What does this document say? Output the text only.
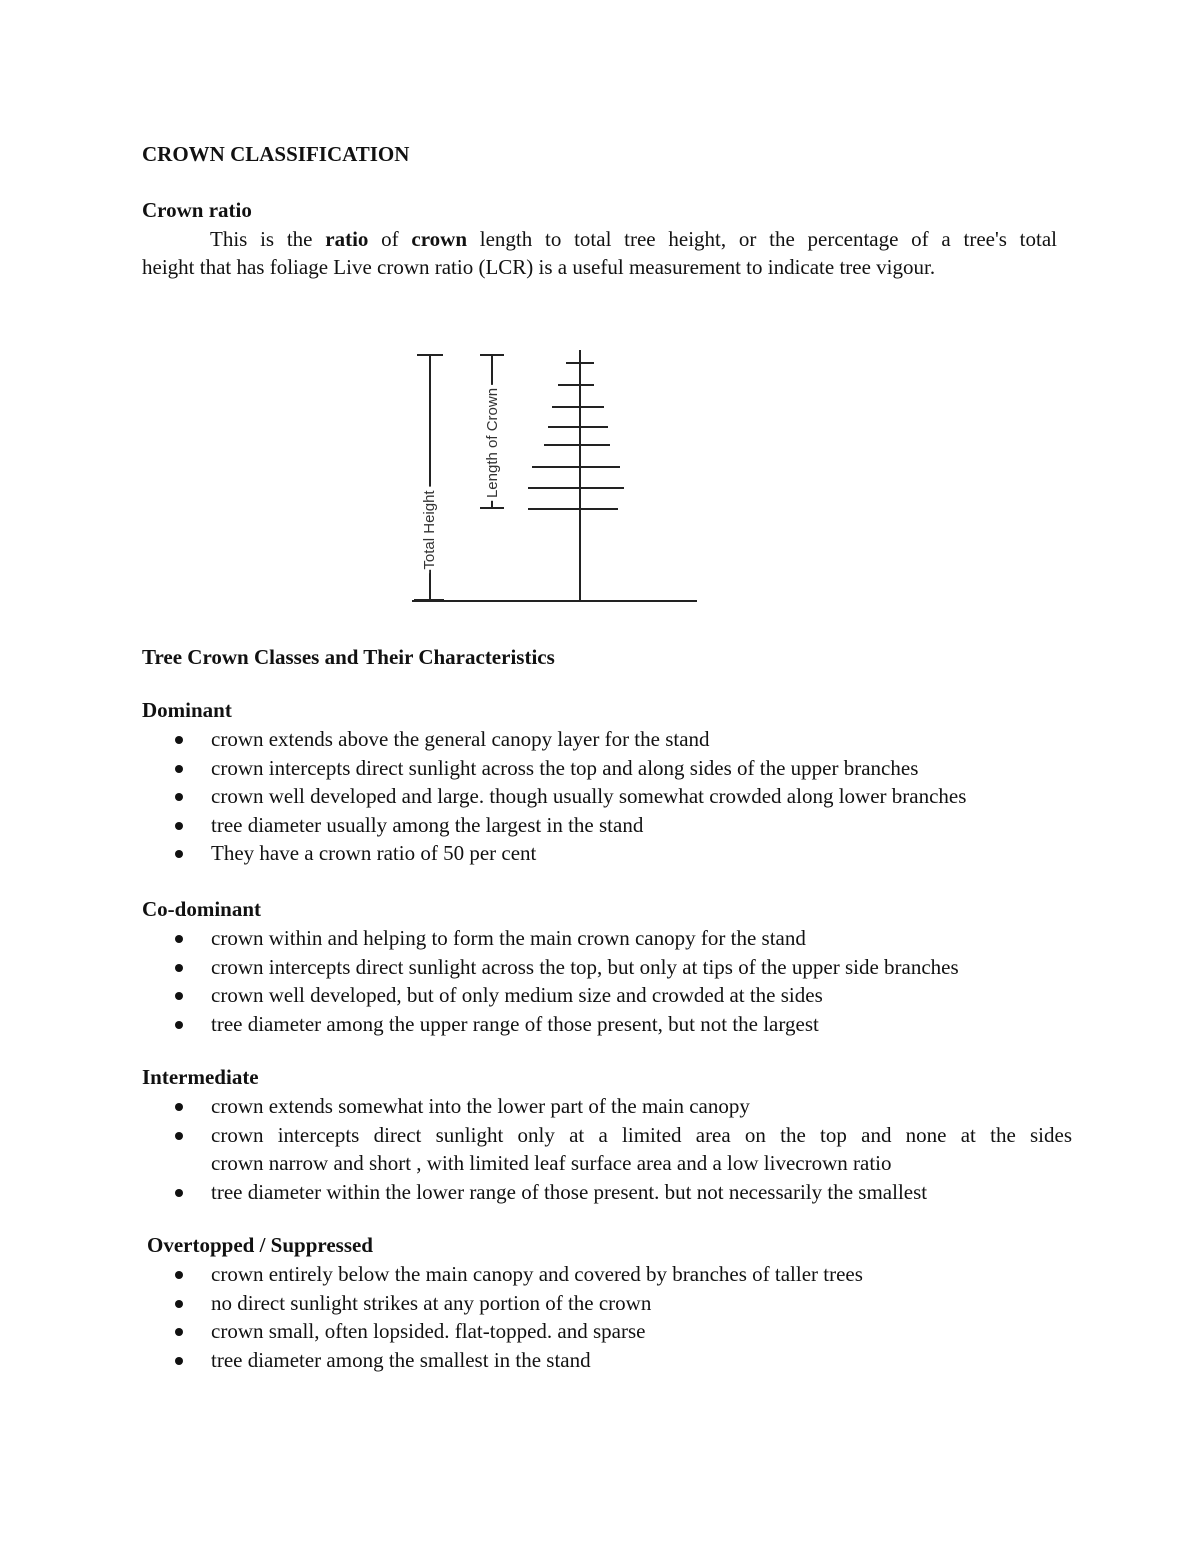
CROWN CLASSIFICATION
Crown ratio

This is the ratio of crown length to total tree height, or the percentage of a tree's total
height that has foliage Live crown ratio (LCR) is a useful measurement to indicate tree vigour.

Total Height
Length of Crown
Tree Crown Classes and Their Characteristics
Dominant
crown extends above the general canopy layer for the stand
crown intercepts direct sunlight across the top and along sides of the upper branches
crown well developed and large. though usually somewhat crowded along lower branches
tree diameter usually among the largest in the stand
They have a crown ratio of 50 per cent
Co-dominant
crown within and helping to form the main crown canopy for the stand
crown intercepts direct sunlight across the top, but only at tips of the upper side branches
crown well developed, but of only medium size and crowded at the sides
tree diameter among the upper range of those present, but not the largest
Intermediate
crown extends somewhat into the lower part of the main canopy
crown intercepts direct sunlight only at a limited area on the top and none at the sides
crown narrow and short , with limited leaf surface area and a low livecrown ratio
tree diameter within the lower range of those present. but not necessarily the smallest
Overtopped / Suppressed
crown entirely below the main canopy and covered by branches of taller trees
no direct sunlight strikes at any portion of the crown
crown small, often lopsided. flat-topped. and sparse
tree diameter among the smallest in the stand
